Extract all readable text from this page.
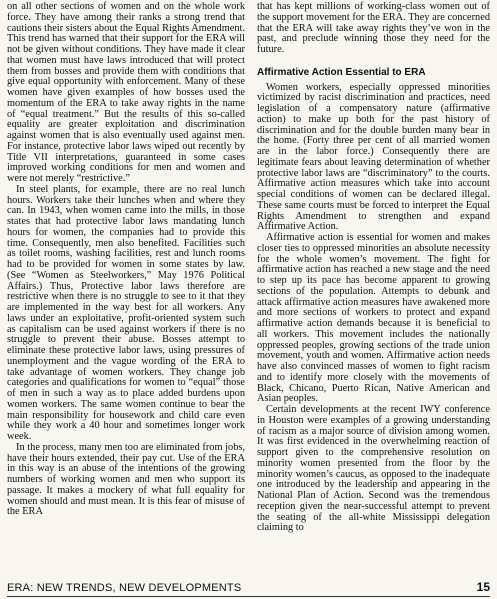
on all other sections of women and on the whole work force. They have among their ranks a strong trend that cautions their sisters about the Equal Rights Amendment. This trend has warned that their support for the ERA will not be given without conditions. They have made it clear that women must have laws introduced that will protect them from bosses and provide them with conditions that give equal opportunity with enforcement. Many of these women have given examples of how bosses used the momentum of the ERA to take away rights in the name of “equal treatment.” But the results of this so-called equality are greater exploitation and discrimination against women that is also eventually used against men. For instance, protective labor laws wiped out recently by Title VII interpretations, guaranteed in some cases improved working conditions for men and women and were not merely “restrictive.”

In steel plants, for example, there are no real lunch hours. Workers take their lunches when and where they can. In 1943, when women came into the mills, in those states that had protective labor laws mandating lunch hours for women, the companies had to provide this time. Consequently, men also benefited. Facilities such as toilet rooms, washing facilities, rest and lunch rooms had to be provided for women in some states by law. (See “Women as Steelworkers,” May 1976 Political Affairs.) Thus, Protective labor laws therefore are restrictive when there is no struggle to see to it that they are implemented in the way best for all workers. Any laws under an exploitative, profit-oriented system such as capitalism can be used against workers if there is no struggle to prevent their abuse. Bosses attempt to eliminate these protective labor laws, using pressures of unemployment and the vague wording of the ERA to take advantage of women workers. They change job categories and qualifications for women to “equal” those of men in such a way as to place added burdens upon women workers. The same women continue to bear the main responsibility for housework and child care even while they work a 40 hour and sometimes longer work week.

In the process, many men too are eliminated from jobs, have their hours extended, their pay cut. Use of the ERA in this way is an abuse of the intentions of the growing numbers of working women and men who support its passage. It makes a mockery of what full equality for women should and must mean. It is this fear of misuse of the ERA

that has kept millions of working-class women out of the support movement for the ERA. They are concerned that the ERA will take away rights they’ve won in the past, and preclude winning those they need for the future.

Affirmative Action Essential to ERA

Women workers, especially oppressed minorities victimized by racist discrimination and practices, need legislation of a compensatory nature (affirmative action) to make up both for the past history of discrimination and for the double burden many bear in the home. (Forty three per cent of all married women are in the labor force.) Consequently there are legitimate fears about leaving determination of whether protective labor laws are “discriminatory” to the courts. Affirmative action measures which take into account special conditions of women can be declared illegal. These same courts must be forced to interpret the Equal Rights Amendment to strengthen and expand Affirmative Action.

Affirmative action is essential for women and makes closer ties to oppressed minorities an absolute necessity for the whole women’s movement. The fight for affirmative action has reached a new stage and the need to step up its pace has become apparent to growing sections of the population. Attempts to debunk and attack affirmative action measures have awakened more and more sections of workers to protect and expand affirmative action demands because it is beneficial to all workers. This movement includes the nationally oppressed peoples, growing sections of the trade union movement, youth and women. Affirmative action needs have also convinced masses of women to fight racism and to identify more closely with the movements of Black, Chicano, Puerto Rican, Native American and Asian peoples.

Certain developments at the recent IWY conference in Houston were examples of a growing understanding of racism as a major source of division among women. It was first evidenced in the overwhelming reaction of support given to the comprehensive resolution on minority women presented from the floor by the minority women’s caucus, as opposed to the inadequate one introduced by the leadership and appearing in the National Plan of Action. Second was the tremendous reception given the near-successful attempt to prevent the seating of the all-white Mississippi delegation claiming to

ERA: NEW TRENDS, NEW DEVELOPMENTS	15
